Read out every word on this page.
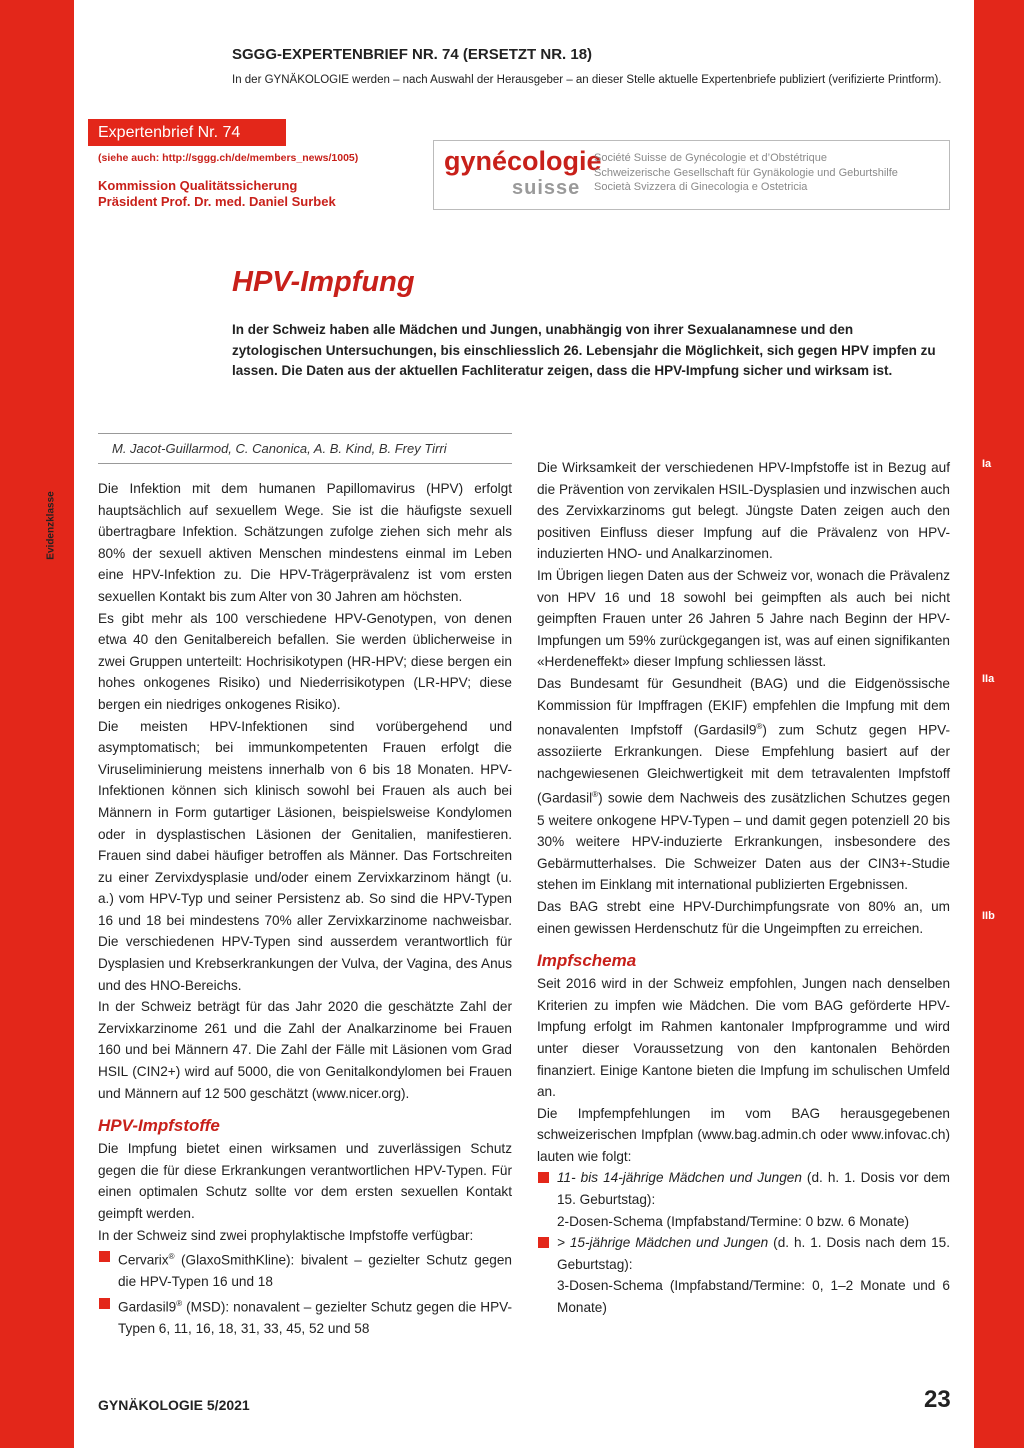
SGGG-EXPERTENBRIEF NR. 74 (ERSETZT NR. 18)
In der GYNÄKOLOGIE werden – nach Auswahl der Herausgeber – an dieser Stelle aktuelle Expertenbriefe publiziert (verifizierte Printform).
Expertenbrief Nr. 74
(siehe auch: http://sggg.ch/de/members_news/1005)
Kommission Qualitätssicherung
Präsident Prof. Dr. med. Daniel Surbek
gynécologie
suisse
Société Suisse de Gynécologie et d’Obstétrique
Schweizerische Gesellschaft für Gynäkologie und Geburtshilfe
Società Svizzera di Ginecologia e Ostetricia
HPV-Impfung
In der Schweiz haben alle Mädchen und Jungen, unabhängig von ihrer Sexualanamnese und den zytologischen Untersuchungen, bis einschliesslich 26. Lebensjahr die Möglichkeit, sich gegen HPV impfen zu lassen. Die Daten aus der aktuellen Fachliteratur zeigen, dass die HPV-Impfung sicher und wirksam ist.
Evidenzklasse
M. Jacot-Guillarmod, C. Canonica, A. B. Kind, B. Frey Tirri

Die Infektion mit dem humanen Papillomavirus (HPV) erfolgt hauptsächlich auf sexuellem Wege. Sie ist die häufigste sexuell übertragbare Infektion. Schätzungen zufolge ziehen sich mehr als 80% der sexuell aktiven Menschen mindestens einmal im Leben eine HPV-Infektion zu. Die HPV-Trägerprävalenz ist vom ersten sexuellen Kontakt bis zum Alter von 30 Jahren am höchsten.

Es gibt mehr als 100 verschiedene HPV-Genotypen, von denen etwa 40 den Genitalbereich befallen. Sie werden üblicherweise in zwei Gruppen unterteilt: Hochrisikotypen (HR-HPV; diese bergen ein hohes onkogenes Risiko) und Niederrisikotypen (LR-HPV; diese bergen ein niedriges onkogenes Risiko).

Die meisten HPV-Infektionen sind vorübergehend und asymptomatisch; bei immunkompetenten Frauen erfolgt die Viruseliminierung meistens innerhalb von 6 bis 18 Monaten. HPV-Infektionen können sich klinisch sowohl bei Frauen als auch bei Männern in Form gutartiger Läsionen, beispielsweise Kondylomen oder in dysplastischen Läsionen der Genitalien, manifestieren. Frauen sind dabei häufiger betroffen als Männer. Das Fortschreiten zu einer Zervixdysplasie und/oder einem Zervixkarzinom hängt (u. a.) vom HPV-Typ und seiner Persistenz ab. So sind die HPV-Typen 16 und 18 bei mindestens 70% aller Zervixkarzinome nachweisbar. Die verschiedenen HPV-Typen sind ausserdem verantwortlich für Dysplasien und Krebserkrankungen der Vulva, der Vagina, des Anus und des HNO-Bereichs.

In der Schweiz beträgt für das Jahr 2020 die geschätzte Zahl der Zervixkarzinome 261 und die Zahl der Analkarzinome bei Frauen 160 und bei Männern 47. Die Zahl der Fälle mit Läsionen vom Grad HSIL (CIN2+) wird auf 5000, die von Genitalkondylomen bei Frauen und Männern auf 12 500 geschätzt (www.nicer.org).

HPV-Impfstoffe

Die Impfung bietet einen wirksamen und zuverlässigen Schutz gegen die für diese Erkrankungen verantwortlichen HPV-Typen. Für einen optimalen Schutz sollte vor dem ersten sexuellen Kontakt geimpft werden.

In der Schweiz sind zwei prophylaktische Impfstoffe verfügbar:

Cervarix® (GlaxoSmithKline): bivalent – gezielter Schutz gegen die HPV-Typen 16 und 18

Gardasil9® (MSD): nonavalent – gezielter Schutz gegen die HPV-Typen 6, 11, 16, 18, 31, 33, 45, 52 und 58

Die Wirksamkeit der verschiedenen HPV-Impfstoffe ist in Bezug auf die Prävention von zervikalen HSIL-Dysplasien und inzwischen auch des Zervixkarzinoms gut belegt. Jüngste Daten zeigen auch den positiven Einfluss dieser Impfung auf die Prävalenz von HPV-induzierten HNO- und Analkarzinomen.

Im Übrigen liegen Daten aus der Schweiz vor, wonach die Prävalenz von HPV 16 und 18 sowohl bei geimpften als auch bei nicht geimpften Frauen unter 26 Jahren 5 Jahre nach Beginn der HPV-Impfungen um 59% zurückgegangen ist, was auf einen signifikanten «Herdeneffekt» dieser Impfung schliessen lässt.

Das Bundesamt für Gesundheit (BAG) und die Eidgenössische Kommission für Impffragen (EKIF) empfehlen die Impfung mit dem nonavalenten Impfstoff (Gardasil9®) zum Schutz gegen HPV-assoziierte Erkrankungen. Diese Empfehlung basiert auf der nachgewiesenen Gleichwertigkeit mit dem tetravalenten Impfstoff (Gardasil®) sowie dem Nachweis des zusätzlichen Schutzes gegen 5 weitere onkogene HPV-Typen – und damit gegen potenziell 20 bis 30% weitere HPV-induzierte Erkrankungen, insbesondere des Gebärmutterhalses. Die Schweizer Daten aus der CIN3+-Studie stehen im Einklang mit international publizierten Ergebnissen.

Das BAG strebt eine HPV-Durchimpfungsrate von 80% an, um einen gewissen Herdenschutz für die Ungeimpften zu erreichen.

Impfschema

Seit 2016 wird in der Schweiz empfohlen, Jungen nach denselben Kriterien zu impfen wie Mädchen. Die vom BAG geförderte HPV-Impfung erfolgt im Rahmen kantonaler Impfprogramme und wird unter dieser Voraussetzung von den kantonalen Behörden finanziert. Einige Kantone bieten die Impfung im schulischen Umfeld an.

Die Impfempfehlungen im vom BAG herausgegebenen schweizerischen Impfplan (www.bag.admin.ch oder www.infovac.ch) lauten wie folgt:

11- bis 14-jährige Mädchen und Jungen (d. h. 1. Dosis vor dem 15. Geburtstag):
2-Dosen-Schema (Impfabstand/Termine: 0 bzw. 6 Monate)

> 15-jährige Mädchen und Jungen (d. h. 1. Dosis nach dem 15. Geburtstag):
3-Dosen-Schema (Impfabstand/Termine: 0, 1–2 Monate und 6 Monate)

Ia
IIa
IIb
GYNÄKOLOGIE 5/2021	23
